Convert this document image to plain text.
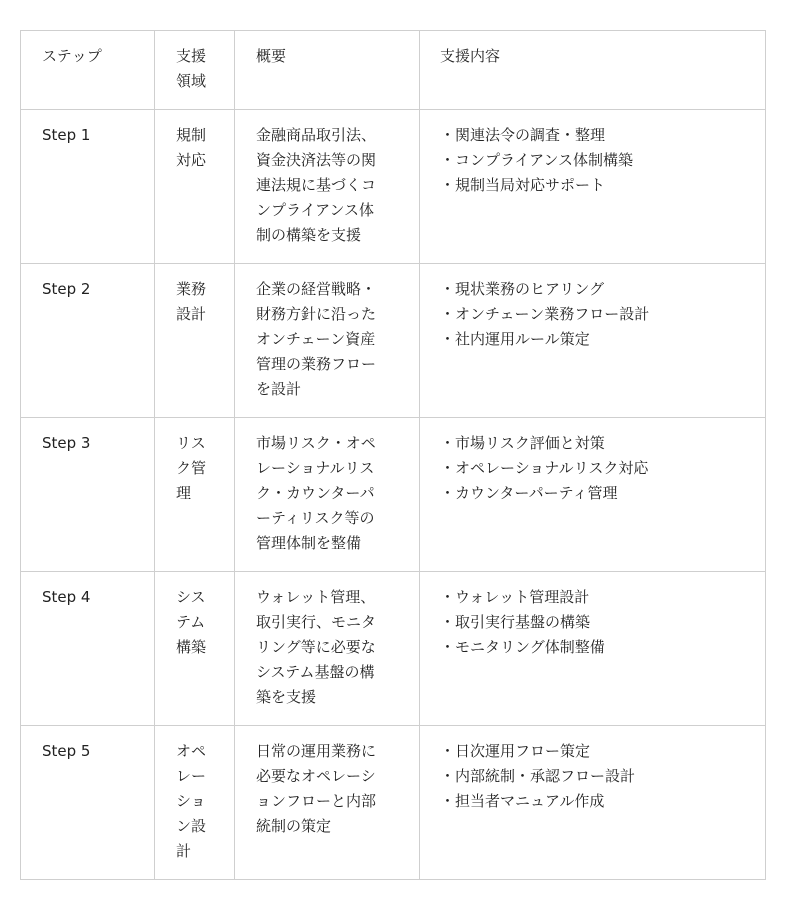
ステップ	支援領域	概要	支援内容
Step 1	規制対応	金融商品取引法、資金決済法等の関連法規に基づくコンプライアンス体制の構築を支援	・関連法令の調査・整理
・コンプライアンス体制構築
・規制当局対応サポート

Step 2	業務設計	企業の経営戦略・財務方針に沿ったオンチェーン資産管理の業務フローを設計	・現状業務のヒアリング
・オンチェーン業務フロー設計
・社内運用ルール策定

Step 3	リスク管理	市場リスク・オペレーショナルリスク・カウンターパーティリスク等の管理体制を整備	・市場リスク評価と対策
・オペレーショナルリスク対応
・カウンターパーティ管理

Step 4	システム構築	ウォレット管理、取引実行、モニタリング等に必要なシステム基盤の構築を支援	・ウォレット管理設計
・取引実行基盤の構築
・モニタリング体制整備

Step 5	オペレーション設計	日常の運用業務に必要なオペレーションフローと内部統制の策定	・日次運用フロー策定
・内部統制・承認フロー設計
・担当者マニュアル作成
